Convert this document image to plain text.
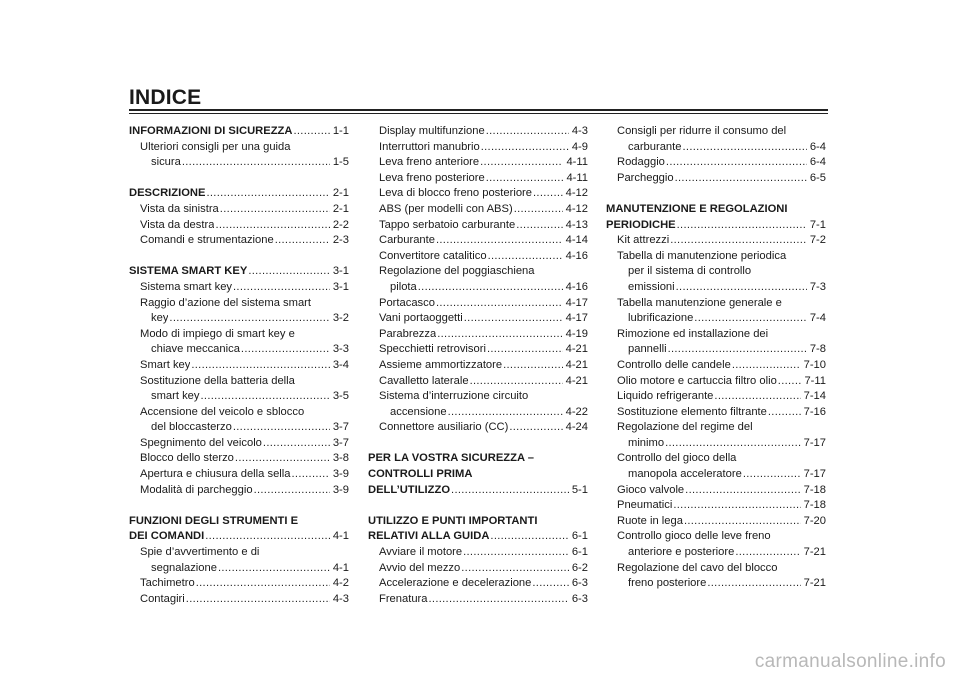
INDICE
INFORMAZIONI DI SICUREZZA .....	1-1
Ulteriori consigli per una guida
sicura .....	1-5
DESCRIZIONE .....	2-1
Vista da sinistra .....	2-1
Vista da destra .....	2-2
Comandi e strumentazione .....	2-3
SISTEMA SMART KEY .....	3-1
Sistema smart key .....	3-1
Raggio d’azione del sistema smart
key .....	3-2
Modo di impiego di smart key e
chiave meccanica .....	3-3
Smart key .....	3-4
Sostituzione della batteria della
smart key .....	3-5
Accensione del veicolo e sblocco
del bloccasterzo .....	3-7
Spegnimento del veicolo .....	3-7
Blocco dello sterzo .....	3-8
Apertura e chiusura della sella .....	3-9
Modalità di parcheggio .....	3-9
FUNZIONI DEGLI STRUMENTI E
DEI COMANDI .....	4-1
Spie d’avvertimento e di
segnalazione .....	4-1
Tachimetro .....	4-2
Contagiri .....	4-3
Display multifunzione .....	4-3
Interruttori manubrio .....	4-9
Leva freno anteriore .....	4-11
Leva freno posteriore .....	4-11
Leva di blocco freno posteriore .....	4-12
ABS (per modelli con ABS) .....	4-12
Tappo serbatoio carburante .....	4-13
Carburante .....	4-14
Convertitore catalitico .....	4-16
Regolazione del poggiaschiena
pilota .....	4-16
Portacasco .....	4-17
Vani portaoggetti .....	4-17
Parabrezza .....	4-19
Specchietti retrovisori .....	4-21
Assieme ammortizzatore .....	4-21
Cavalletto laterale .....	4-21
Sistema d’interruzione circuito
accensione .....	4-22
Connettore ausiliario (CC) .....	4-24
PER LA VOSTRA SICUREZZA –
CONTROLLI PRIMA
DELL’UTILIZZO .....	5-1
UTILIZZO E PUNTI IMPORTANTI
RELATIVI ALLA GUIDA .....	6-1
Avviare il motore .....	6-1
Avvio del mezzo .....	6-2
Accelerazione e decelerazione .....	6-3
Frenatura .....	6-3
Consigli per ridurre il consumo del
carburante .....	6-4
Rodaggio .....	6-4
Parcheggio .....	6-5
MANUTENZIONE E REGOLAZIONI
PERIODICHE .....	7-1
Kit attrezzi .....	7-2
Tabella di manutenzione periodica
per il sistema di controllo
emissioni .....	7-3
Tabella manutenzione generale e
lubrificazione .....	7-4
Rimozione ed installazione dei
pannelli .....	7-8
Controllo delle candele .....	7-10
Olio motore e cartuccia filtro olio ..... 7-11
Liquido refrigerante .....	7-14
Sostituzione elemento filtrante .....	7-16
Regolazione del regime del
minimo .....	7-17
Controllo del gioco della
manopola acceleratore .....	7-17
Gioco valvole .....	7-18
Pneumatici .....	7-18
Ruote in lega .....	7-20
Controllo gioco delle leve freno
anteriore e posteriore .....	7-21
Regolazione del cavo del blocco
freno posteriore .....	7-21
carmanualsonline.info
